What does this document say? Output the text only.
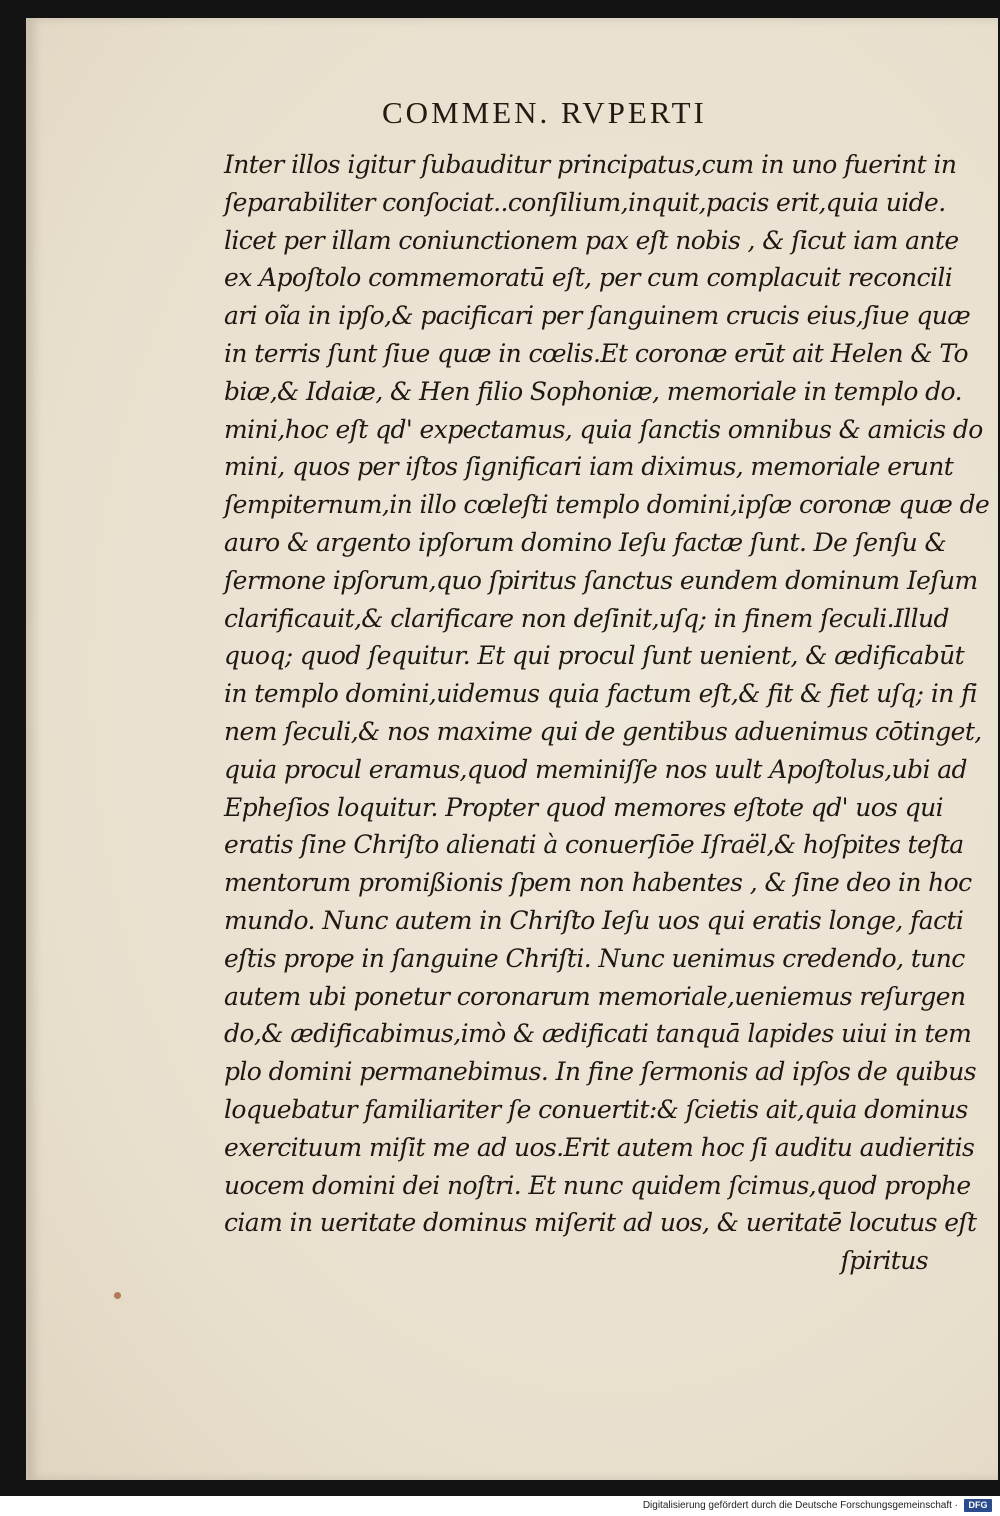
COMMEN. RVPERTI
Inter illos igitur ſubauditur principatus,cum in uno fuerint in
ſeparabiliter conſociat..conſilium,inquit,pacis erit,quia uide.
licet per illam coniunctionem pax eſt nobis , & ſicut iam ante
ex Apoſtolo commemoratū eſt, per cum complacuit reconcili
ari oĩa in ipſo,& pacificari per ſanguinem crucis eius,ſiue quæ
in terris ſunt ſiue quæ in cœlis.Et coronæ erūt ait Helen & To
biæ,& Idaiæ, & Hen filio Sophoniæ, memoriale in templo do.
mini,hoc eſt qd' expectamus, quia ſanctis omnibus & amicis do
mini, quos per iſtos ſignificari iam diximus, memoriale erunt
ſempiternum,in illo cœleſti templo domini,ipſæ coronæ quæ de
auro & argento ipſorum domino Ieſu factæ ſunt. De ſenſu &
ſermone ipſorum,quo ſpiritus ſanctus eundem dominum Ieſum
clarificauit,& clarificare non deſinit,uſq; in finem ſeculi.Illud
quoq; quod ſequitur. Et qui procul ſunt uenient, & ædificabūt
in templo domini,uidemus quia factum eſt,& fit & fiet uſq; in fi
nem ſeculi,& nos maxime qui de gentibus aduenimus cōtinget,
quia procul eramus,quod meminiſſe nos uult Apoſtolus,ubi ad
Epheſios loquitur. Propter quod memores eſtote qd' uos qui
eratis ſine Chriſto alienati à conuerſiōe Iſraël,& hoſpites teſta
mentorum promißionis ſpem non habentes , & ſine deo in hoc
mundo. Nunc autem in Chriſto Ieſu uos qui eratis longe, facti
eſtis prope in ſanguine Chriſti. Nunc uenimus credendo, tunc
autem ubi ponetur coronarum memoriale,ueniemus reſurgen
do,& ædificabimus,imò & ædificati tanquā lapides uiui in tem
plo domini permanebimus. In fine ſermonis ad ipſos de quibus
loquebatur familiariter ſe conuertit:& ſcietis ait,quia dominus
exercituum miſit me ad uos.Erit autem hoc ſi auditu audieritis
uocem domini dei noſtri. Et nunc quidem ſcimus,quod prophe
ciam in ueritate dominus miſerit ad uos, & ueritatē locutus eſt
ſpiritus
Digitalisierung gefördert durch die Deutsche Forschungsgemeinschaft ·	DFG
